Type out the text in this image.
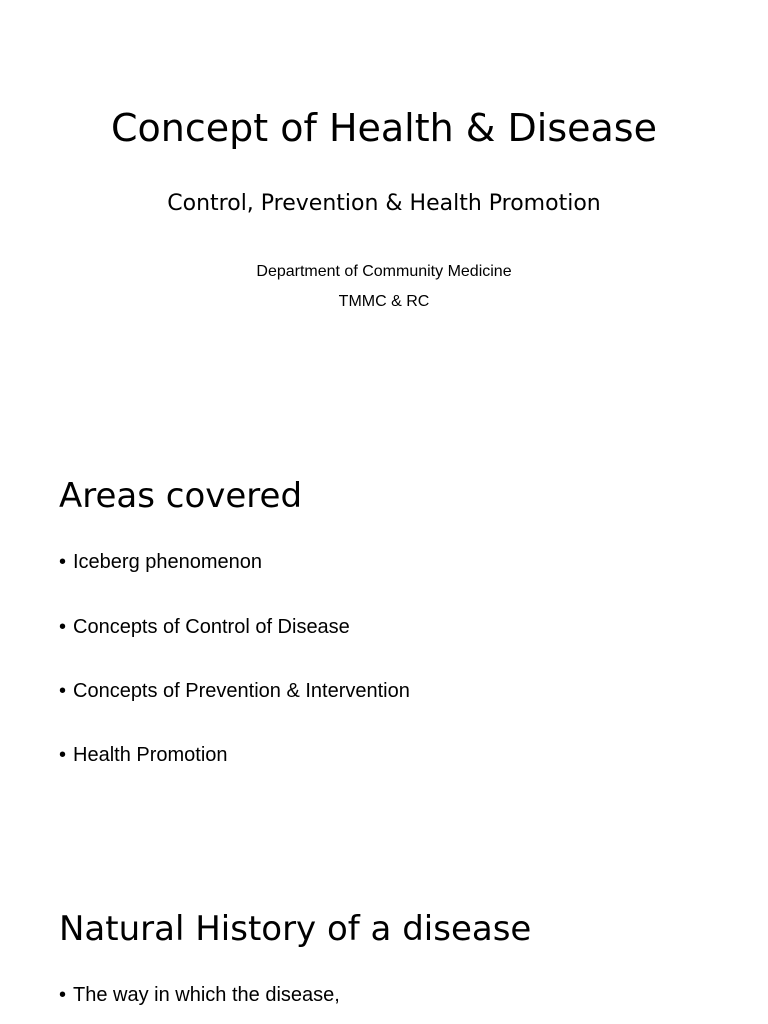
Concept of Health & Disease
Control, Prevention & Health Promotion
Department of Community Medicine
TMMC & RC
Areas covered
• Iceberg phenomenon
• Concepts of Control of Disease
• Concepts of Prevention & Intervention
• Health Promotion
Natural History of a disease
• The way in which the disease,
